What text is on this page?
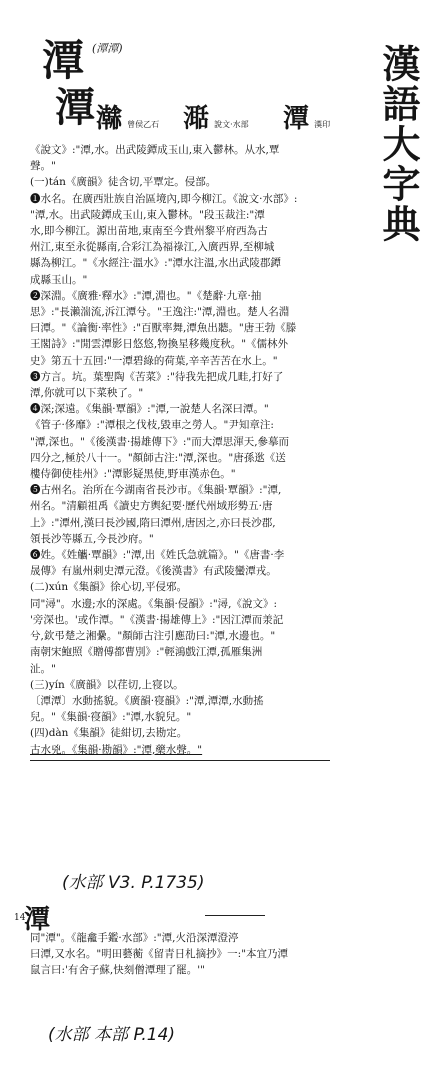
潭 (潭潭)
潭 𤃬 曾侯乙石 𣽅 說文·水部 潭 漢印 漢語大字典
《說文》:"潭,水。出武陵鐔成玉山,東入鬱林。从水,覃
聲。"
(一)tán《廣韻》徒含切,平覃定。侵部。
❶水名。在廣西壯族自治區境內,即今柳江。《說文·水部》:
"潭,水。出武陵鐔成玉山,東入鬱林。"段玉裁注:"潭
水,即今柳江。源出苗地,東南至今貴州黎平府西為古
州江,東至永從縣南,合彩江為福祿江,入廣西界,至柳城
縣為柳江。"《水經注·溫水》:"潭水注溫,水出武陵郡鐔
成縣玉山。"
❷深淵。《廣雅·釋水》:"潭,淵也。"《楚辭·九章·抽
思》:"長瀨湍流,泝江潭兮。"王逸注:"潭,淵也。楚人名淵
曰潭。"《論衡·率性》:"百獸率舞,潭魚出聽。"唐王勃《滕
王閣詩》:"閒雲潭影日悠悠,物換星移幾度秋。"《儒林外
史》第五十五回:"一潭碧綠的荷葉,辛辛苦苦在水上。"
❸方言。坑。葉聖陶《苦菜》:"待我先把成几畦,打好了
潭,你就可以下菜秧了。"
❹深;深遠。《集韻·覃韻》:"潭,一說楚人名深曰潭。"
《管子·侈靡》:"潭根之伐枝,毀車之勞人。"尹知章注:
"潭,深也。"《後漢書·揚雄傳下》:"而大潭思渾天,參摹而
四分之,極於八十一。"顏師古注:"潭,深也。"唐孫逖《送
樓侍御使桂州》:"潭影疑黑使,野車漢赤色。"
❺古州名。治所在今湖南省長沙市。《集韻·覃韻》:"潭,
州名。"清顧祖禹《讀史方輿紀要·歷代州域形勢五·唐
上》:"潭州,漢曰長沙國,隋曰潭州,唐因之,亦曰長沙郡,
領長沙等縣五,今長沙府。"
❻姓。《姓觿·覃韻》:"潭,出《姓氏急就篇》。"《唐書·李
晟傳》有嵐州刺史潭元澄。《後漢書》有武陵蠻潭戎。
(二)xún《集韻》徐心切,平侵邪。
同"潯"。水邊;水的深處。《集韻·侵韻》:"潯,《說文》:
'旁深也。'或作潭。"《漢書·揚雄傳上》:"因江潭而𣴎記
兮,欽弔楚之湘纍。"顏師古注引應劭曰:"潭,水邊也。"
南朝宋鮑照《贈傅都曹別》:"輕鴻戲江潭,孤雁集洲
沚。"
(三)yín《廣韻》以荏切,上寑以。
〔潭潭〕水動搖貌。《廣韻·寑韻》:"潭,潭潭,水動搖
兒。"《集韻·寑韻》:"潭,水貌兒。"
(四)dàn《集韻》徒紺切,去勘定。
古水兇。《集韻·勘韻》:"潭,藥水聲。"
(水部 V3. P.1735)
14
潭
同"潭"。《龍龕手鑑·水部》:"潭,火沿深潭澄渟
曰潭,又水名。"明田藝蘅《留青日札摘抄》一:"本宜乃潭
鼠言曰:'有舍子蘇,快刻僧潭理了罷。'"
(水部 本部 P.14)
